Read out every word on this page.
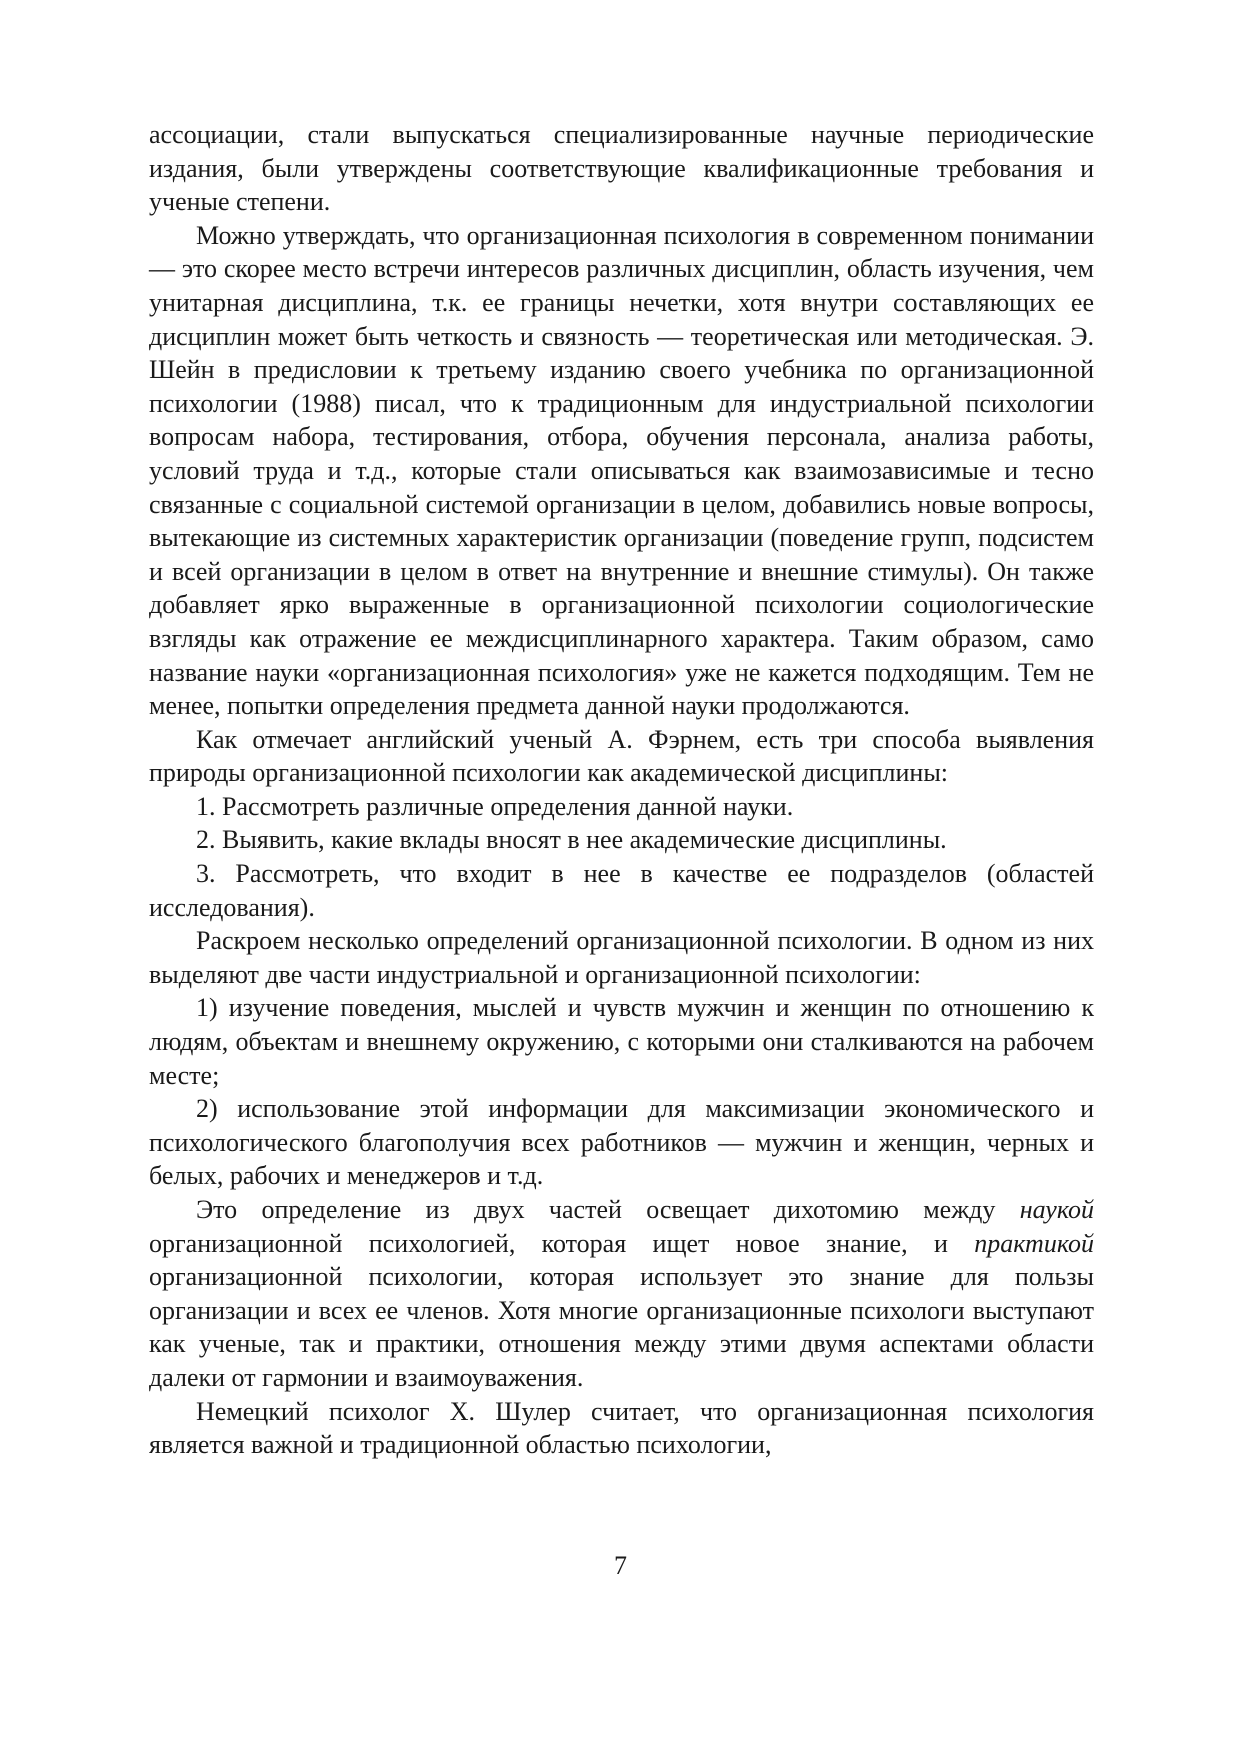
ассоциации, стали выпускаться специализированные научные периодические издания, были утверждены соответствующие квалификационные требования и ученые степени.

Можно утверждать, что организационная психология в современном понимании — это скорее место встречи интересов различных дисциплин, область изучения, чем унитарная дисциплина, т.к. ее границы нечетки, хотя внутри составляющих ее дисциплин может быть четкость и связность — теоретическая или методическая. Э. Шейн в предисловии к третьему изданию своего учебника по организационной психологии (1988) писал, что к традиционным для индустриальной психологии вопросам набора, тестирования, отбора, обучения персонала, анализа работы, условий труда и т.д., которые стали описываться как взаимозависимые и тесно связанные с социальной системой организации в целом, добавились новые вопросы, вытекающие из системных характеристик организации (поведение групп, подсистем и всей организации в целом в ответ на внутренние и внешние стимулы). Он также добавляет ярко выраженные в организационной психологии социологические взгляды как отражение ее междисциплинарного характера. Таким образом, само название науки «организационная психология» уже не кажется подходящим. Тем не менее, попытки определения предмета данной науки продолжаются.

Как отмечает английский ученый А. Фэрнем, есть три способа выявления природы организационной психологии как академической дисциплины:

1. Рассмотреть различные определения данной науки.

2. Выявить, какие вклады вносят в нее академические дисциплины.

3. Рассмотреть, что входит в нее в качестве ее подразделов (областей исследования).

Раскроем несколько определений организационной психологии. В одном из них выделяют две части индустриальной и организационной психологии:

1) изучение поведения, мыслей и чувств мужчин и женщин по отношению к людям, объектам и внешнему окружению, с которыми они сталкиваются на рабочем месте;

2) использование этой информации для максимизации экономического и психологического благополучия всех работников — мужчин и женщин, черных и белых, рабочих и менеджеров и т.д.

Это определение из двух частей освещает дихотомию между наукой организационной психологией, которая ищет новое знание, и практикой организационной психологии, которая использует это знание для пользы организации и всех ее членов. Хотя многие организационные психологи выступают как ученые, так и практики, отношения между этими двумя аспектами области далеки от гармонии и взаимоуважения.

Немецкий психолог Х. Шулер считает, что организационная психология является важной и традиционной областью психологии,

7
